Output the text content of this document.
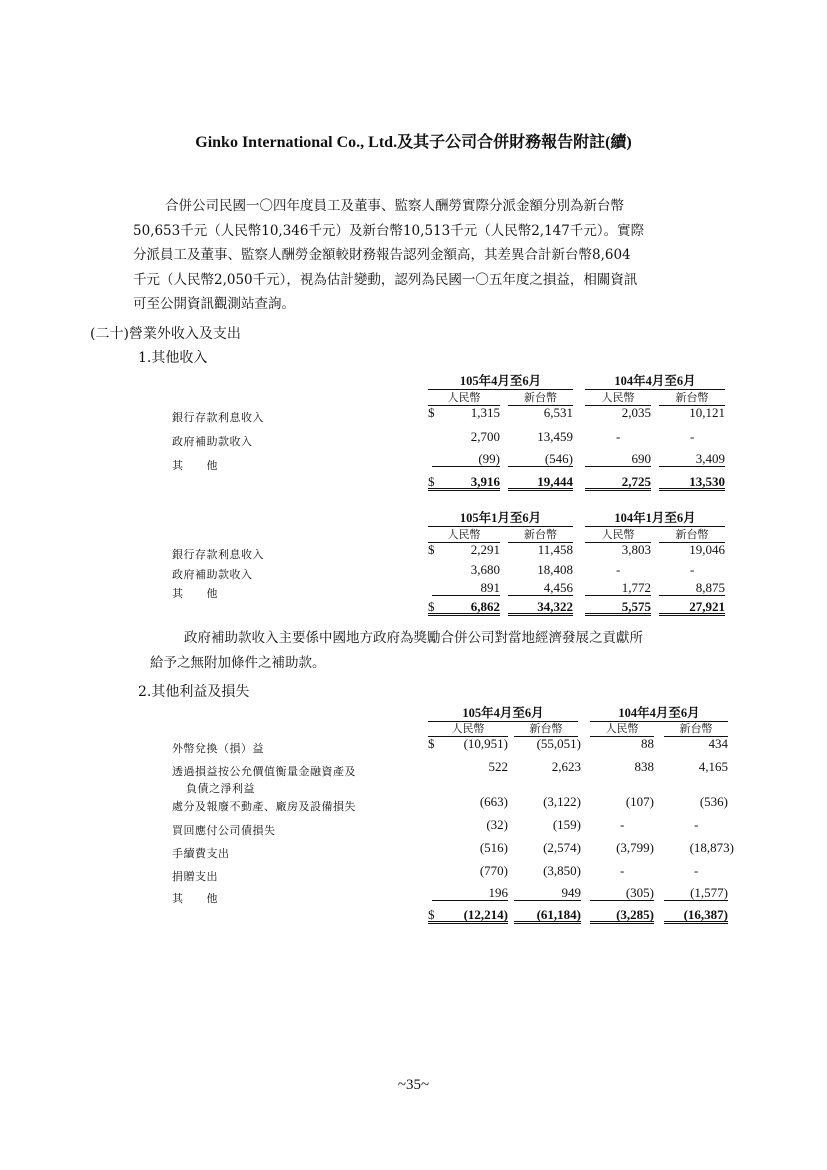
Ginko International Co., Ltd.及其子公司合併財務報告附註(續)
合併公司民國一〇四年度員工及董事、監察人酬勞實際分派金額分別為新台幣
50,653千元（人民幣10,346千元）及新台幣10,513千元（人民幣2,147千元）。實際
分派員工及董事、監察人酬勞金額較財務報告認列金額高，其差異合計新台幣8,604
千元（人民幣2,050千元），視為估計變動，認列為民國一〇五年度之損益，相關資訊
可至公開資訊觀測站查詢。
(二十)營業外收入及支出
1.其他收入
105年4月至6月	104年4月至6月
人民幣	新台幣	人民幣	新台幣
$
銀行存款利息收入	1,315	6,531	2,035	10,121
政府補助款收入	2,700	13,459	-	-
其　　他	(99)	(546)	690	3,409
$	3,916	19,444	2,725	13,530
105年1月至6月	104年1月至6月
人民幣	新台幣	人民幣	新台幣
$
銀行存款利息收入	2,291	11,458	3,803	19,046
政府補助款收入	3,680	18,408	-	-
其　　他	891	4,456	1,772	8,875
$	6,862	34,322	5,575	27,921
政府補助款收入主要係中國地方政府為獎勵合併公司對當地經濟發展之貢獻所
給予之無附加條件之補助款。
2.其他利益及損失
105年4月至6月	104年4月至6月
人民幣	新台幣	人民幣	新台幣
$
外幣兌換（損）益	(10,951)	(55,051)	88	434
透過損益按公允價值衡量金融資產及
負債之淨利益
522	2,623	838	4,165
處分及報廢不動產、廠房及設備損失	(663)	(3,122)	(107)	(536)
買回應付公司債損失	(32)	(159)	-	-
手續費支出	(516)	(2,574)	(3,799)	(18,873)
捐贈支出	(770)	(3,850)	-	-
其　　他	196	949	(305)	(1,577)
$	(12,214)	(61,184)	(3,285)	(16,387)
~35~
